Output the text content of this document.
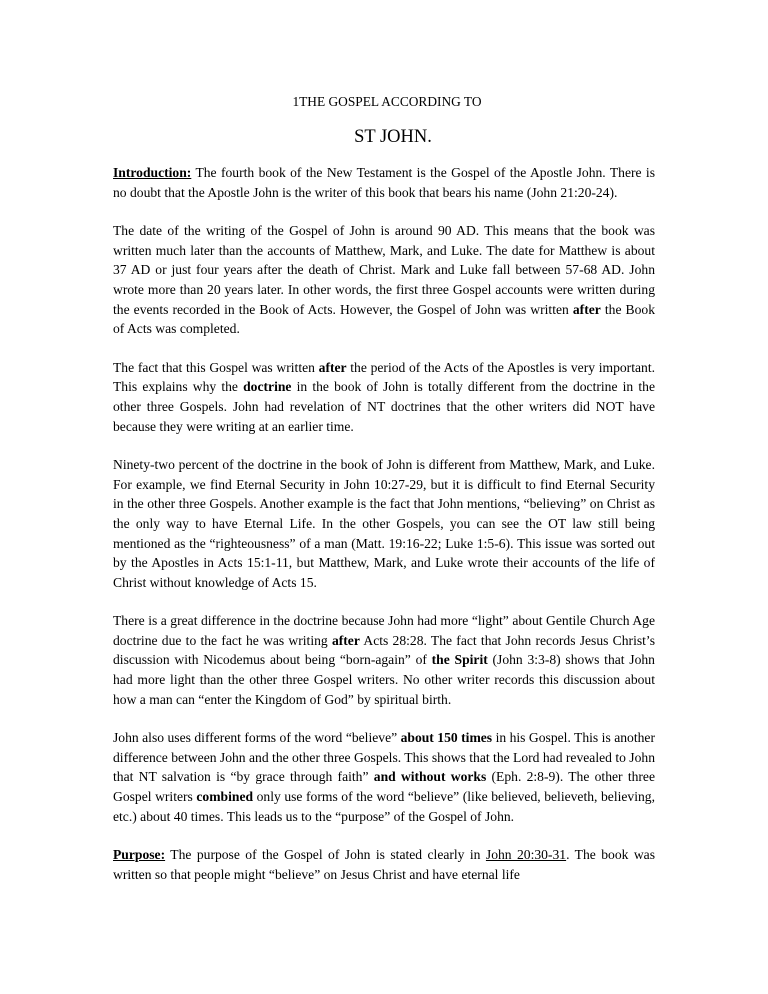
1THE GOSPEL ACCORDING TO
ST JOHN.

Introduction: The fourth book of the New Testament is the Gospel of the Apostle John. There is no doubt that the Apostle John is the writer of this book that bears his name (John 21:20-24).

The date of the writing of the Gospel of John is around 90 AD. This means that the book was written much later than the accounts of Matthew, Mark, and Luke. The date for Matthew is about 37 AD or just four years after the death of Christ. Mark and Luke fall between 57-68 AD. John wrote more than 20 years later. In other words, the first three Gospel accounts were written during the events recorded in the Book of Acts. However, the Gospel of John was written after the Book of Acts was completed.

The fact that this Gospel was written after the period of the Acts of the Apostles is very important. This explains why the doctrine in the book of John is totally different from the doctrine in the other three Gospels. John had revelation of NT doctrines that the other writers did NOT have because they were writing at an earlier time.

Ninety-two percent of the doctrine in the book of John is different from Matthew, Mark, and Luke. For example, we find Eternal Security in John 10:27-29, but it is difficult to find Eternal Security in the other three Gospels. Another example is the fact that John mentions, “believing” on Christ as the only way to have Eternal Life. In the other Gospels, you can see the OT law still being mentioned as the “righteousness” of a man (Matt. 19:16-22; Luke 1:5-6). This issue was sorted out by the Apostles in Acts 15:1-11, but Matthew, Mark, and Luke wrote their accounts of the life of Christ without knowledge of Acts 15.

There is a great difference in the doctrine because John had more “light” about Gentile Church Age doctrine due to the fact he was writing after Acts 28:28. The fact that John records Jesus Christ’s discussion with Nicodemus about being “born-again” of the Spirit (John 3:3-8) shows that John had more light than the other three Gospel writers. No other writer records this discussion about how a man can “enter the Kingdom of God” by spiritual birth.

John also uses different forms of the word “believe” about 150 times in his Gospel. This is another difference between John and the other three Gospels. This shows that the Lord had revealed to John that NT salvation is “by grace through faith” and without works (Eph. 2:8-9). The other three Gospel writers combined only use forms of the word “believe” (like believed, believeth, believing, etc.) about 40 times. This leads us to the “purpose” of the Gospel of John.

Purpose: The purpose of the Gospel of John is stated clearly in John 20:30-31. The book was written so that people might “believe” on Jesus Christ and have eternal life
